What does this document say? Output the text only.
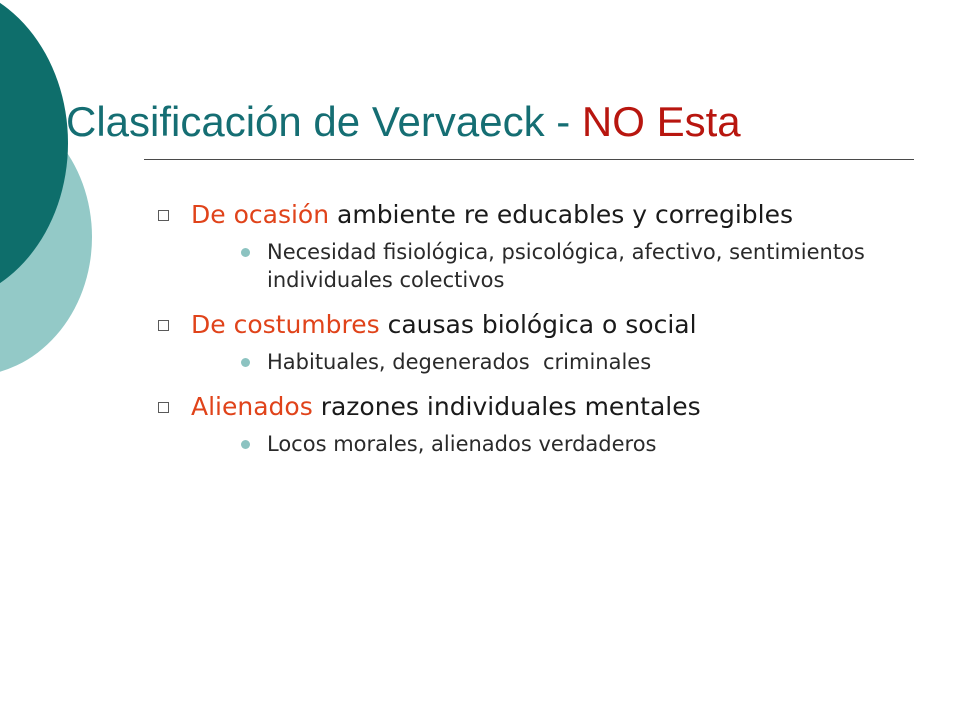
Clasificación de Vervaeck - NO Esta
De ocasión ambiente re educables y corregibles
Necesidad fisiológica, psicológica, afectivo, sentimientos individuales colectivos
De costumbres causas biológica o social
Habituales, degenerados  criminales
Alienados razones individuales mentales
Locos morales, alienados verdaderos
